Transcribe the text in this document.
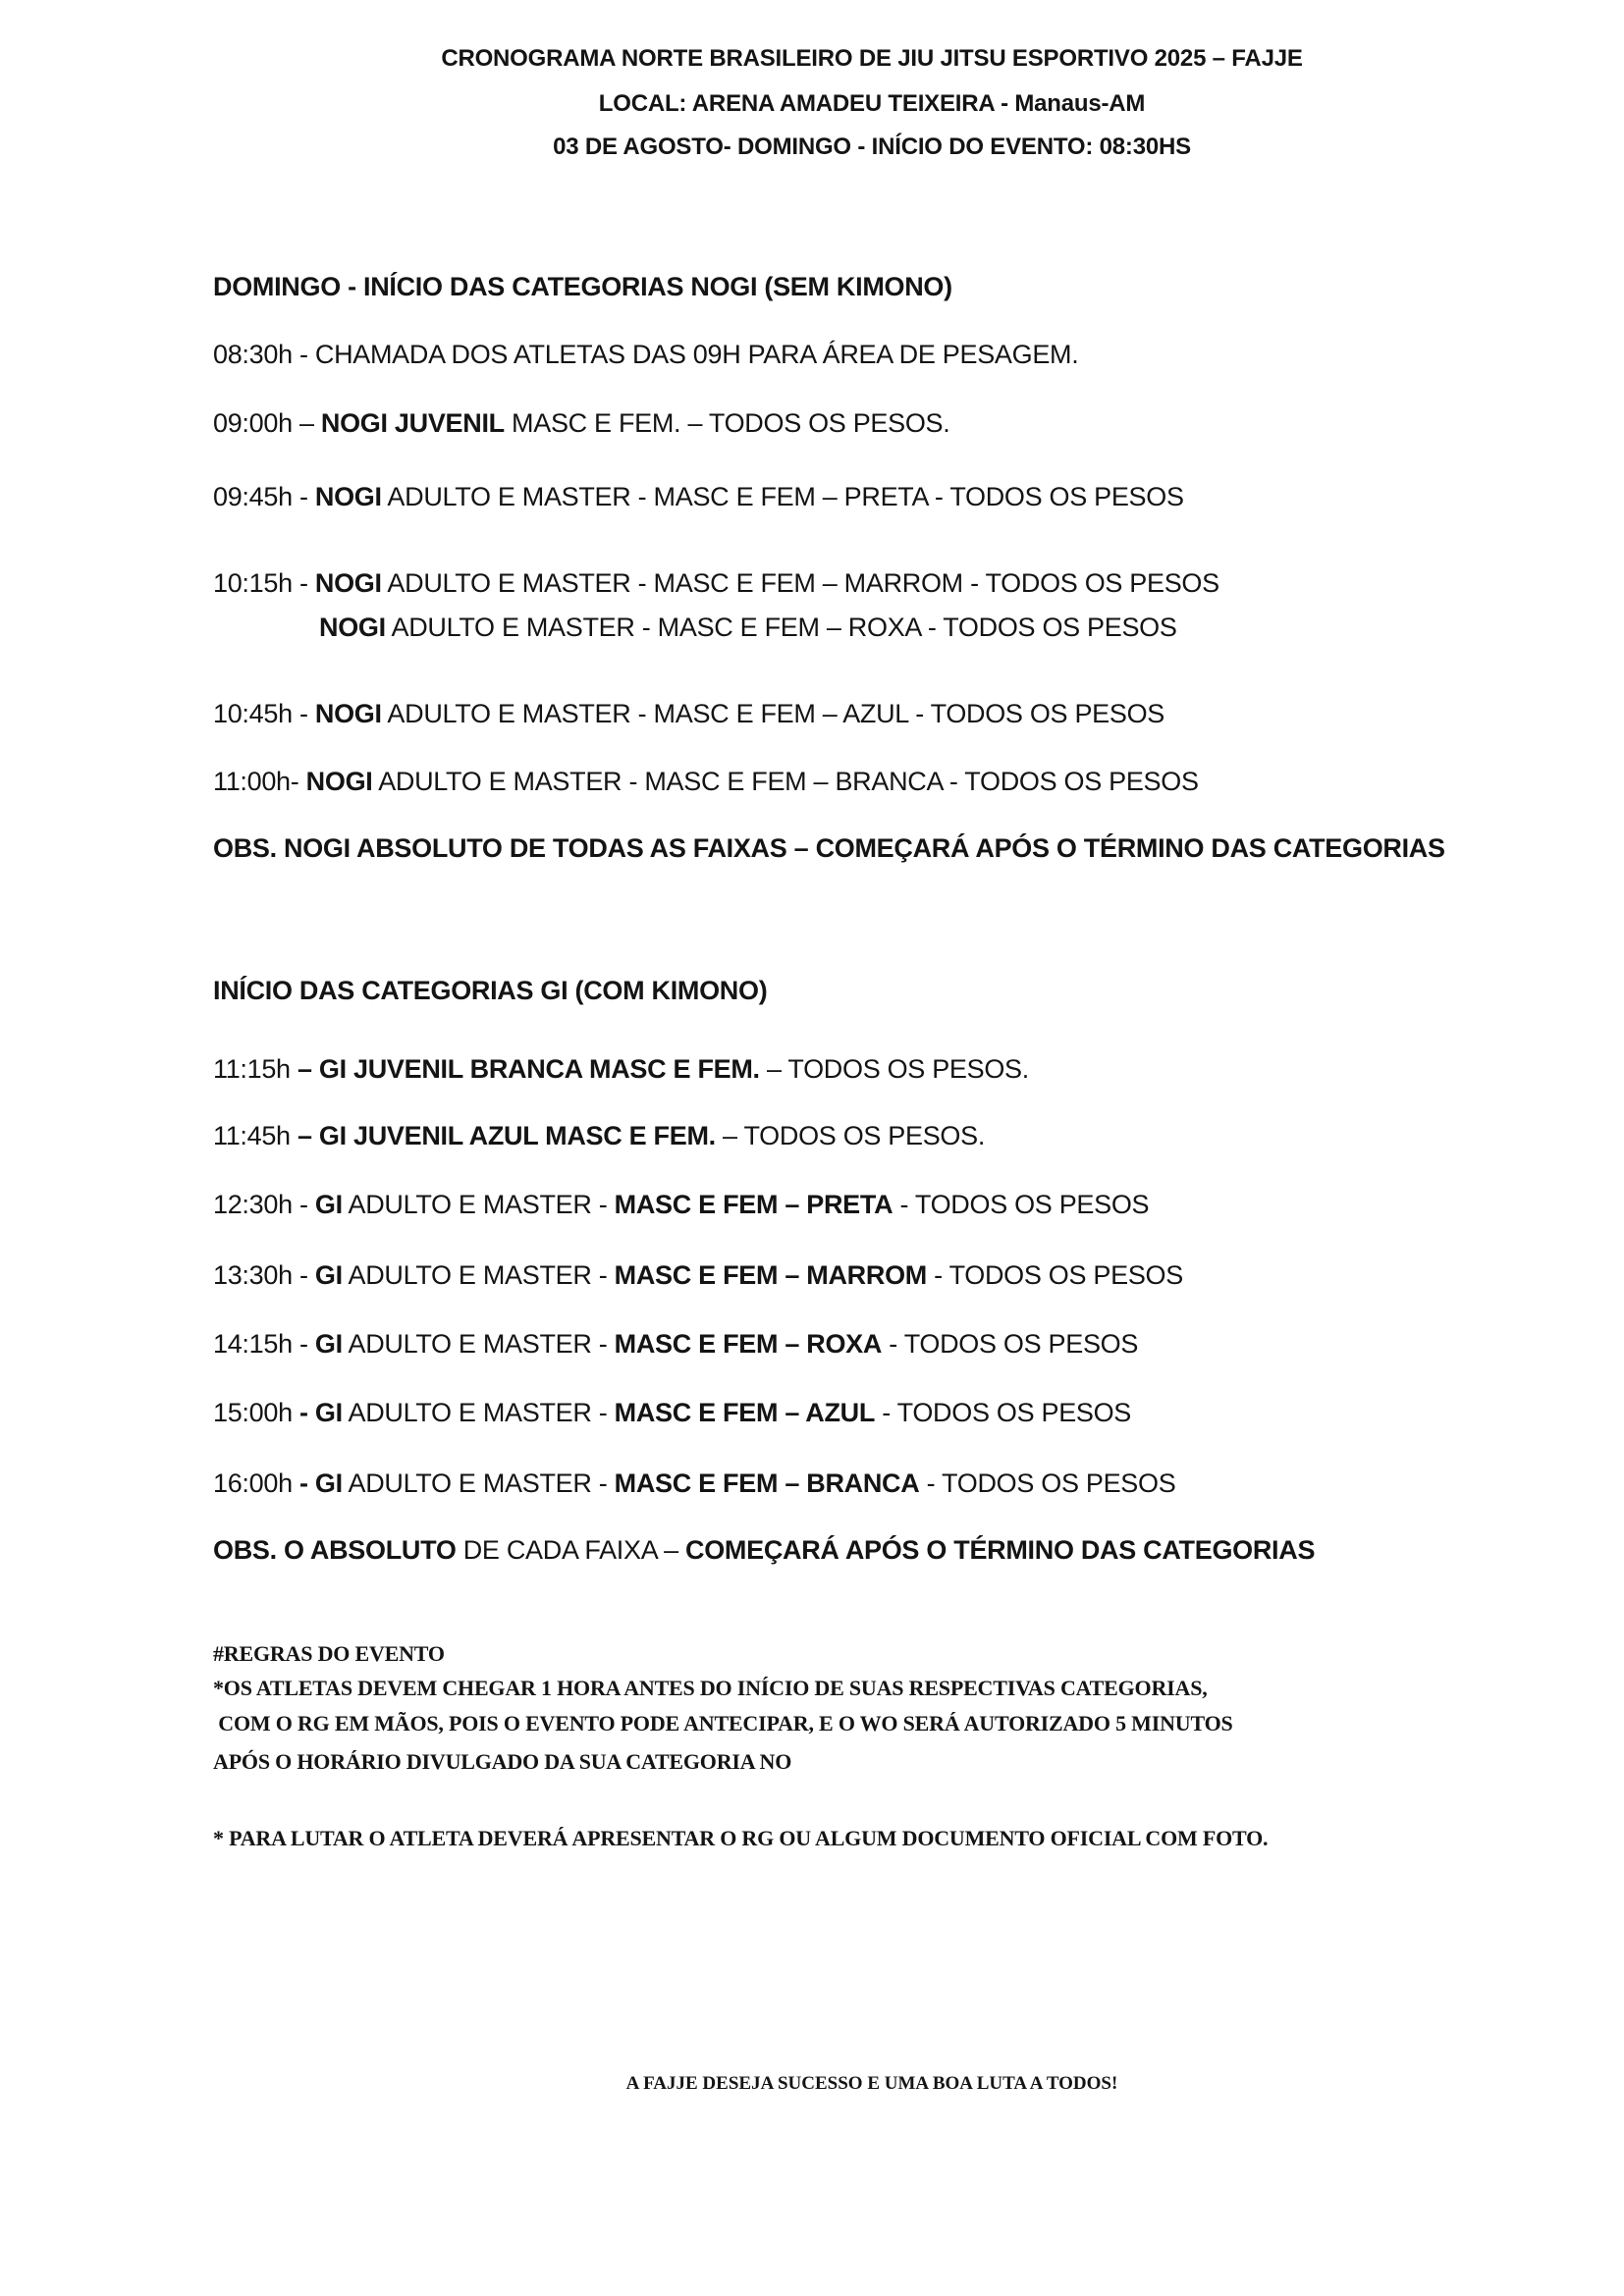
CRONOGRAMA NORTE BRASILEIRO DE JIU JITSU ESPORTIVO 2025 – FAJJE
LOCAL: ARENA AMADEU TEIXEIRA - Manaus-AM
03 DE AGOSTO- DOMINGO - INÍCIO DO EVENTO: 08:30HS
DOMINGO - INÍCIO DAS CATEGORIAS NOGI (SEM KIMONO)
08:30h - CHAMADA DOS ATLETAS DAS 09H PARA ÁREA DE PESAGEM.
09:00h – NOGI JUVENIL MASC E FEM. – TODOS OS PESOS.
09:45h - NOGI ADULTO E MASTER - MASC E FEM – PRETA - TODOS OS PESOS
10:15h - NOGI ADULTO E MASTER - MASC E FEM – MARROM - TODOS OS PESOS
NOGI ADULTO E MASTER - MASC E FEM – ROXA - TODOS OS PESOS
10:45h - NOGI ADULTO E MASTER - MASC E FEM – AZUL - TODOS OS PESOS
11:00h- NOGI ADULTO E MASTER - MASC E FEM – BRANCA - TODOS OS PESOS
OBS. NOGI ABSOLUTO DE TODAS AS FAIXAS – COMEÇARÁ APÓS O TÉRMINO DAS CATEGORIAS
INÍCIO DAS CATEGORIAS GI (COM KIMONO)
11:15h – GI JUVENIL BRANCA MASC E FEM. – TODOS OS PESOS.
11:45h – GI JUVENIL AZUL MASC E FEM. – TODOS OS PESOS.
12:30h - GI ADULTO E MASTER - MASC E FEM – PRETA - TODOS OS PESOS
13:30h - GI ADULTO E MASTER - MASC E FEM – MARROM - TODOS OS PESOS
14:15h - GI ADULTO E MASTER - MASC E FEM – ROXA - TODOS OS PESOS
15:00h - GI ADULTO E MASTER - MASC E FEM – AZUL - TODOS OS PESOS
16:00h - GI ADULTO E MASTER - MASC E FEM – BRANCA - TODOS OS PESOS
OBS. O ABSOLUTO DE CADA FAIXA – COMEÇARÁ APÓS O TÉRMINO DAS CATEGORIAS
#REGRAS DO EVENTO
*OS ATLETAS DEVEM CHEGAR 1 HORA ANTES DO INÍCIO DE SUAS RESPECTIVAS CATEGORIAS,
COM O RG EM MÃOS, POIS O EVENTO PODE ANTECIPAR, E O WO SERÁ AUTORIZADO 5 MINUTOS
APÓS O HORÁRIO DIVULGADO DA SUA CATEGORIA NO
* PARA LUTAR O ATLETA DEVERÁ APRESENTAR O RG OU ALGUM DOCUMENTO OFICIAL COM FOTO.
A FAJJE DESEJA SUCESSO E UMA BOA LUTA A TODOS!
